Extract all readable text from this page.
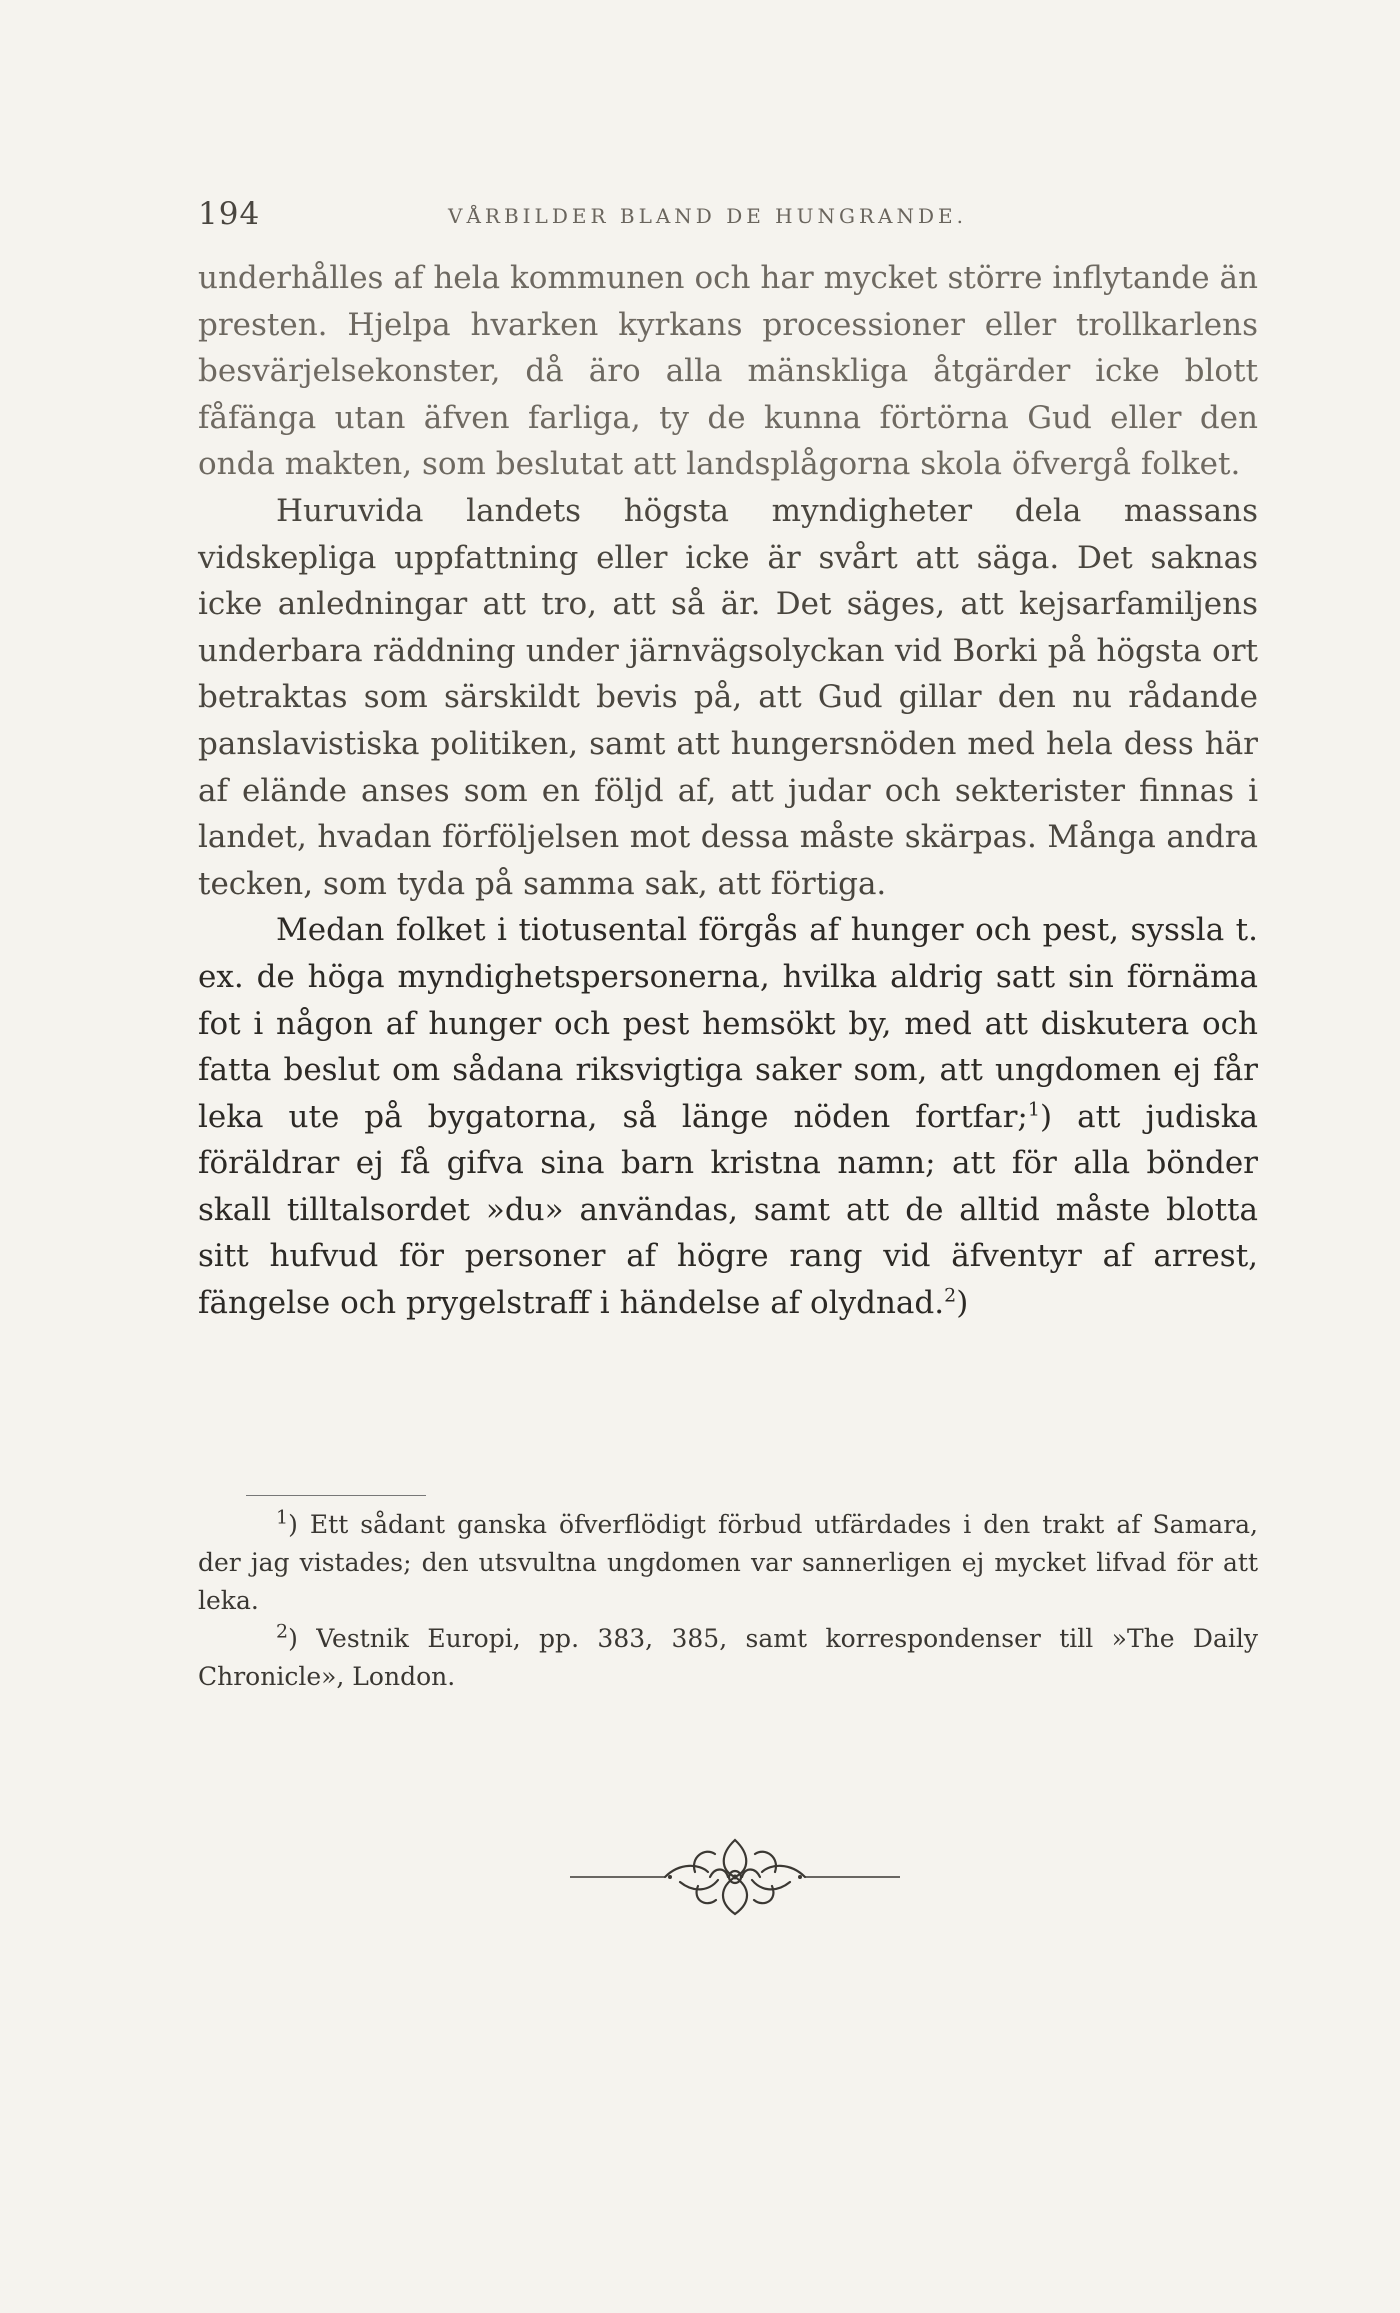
194	VÅRBILDER BLAND DE HUNGRANDE.

underhålles af hela kommunen och har mycket större inflytande än presten. Hjelpa hvarken kyrkans processioner eller trollkarlens besvärjelsekonster, då äro alla mänskliga åtgärder icke blott fåfänga utan äfven farliga, ty de kunna förtörna Gud eller den onda makten, som beslutat att landsplågorna skola öfvergå folket.

Huruvida landets högsta myndigheter dela massans vidskepliga uppfattning eller icke är svårt att säga. Det saknas icke anledningar att tro, att så är. Det säges, att kejsarfamiljens underbara räddning under järnvägsolyckan vid Borki på högsta ort betraktas som särskildt bevis på, att Gud gillar den nu rådande panslavistiska politiken, samt att hungersnöden med hela dess här af elände anses som en följd af, att judar och sekterister finnas i landet, hvadan förföljelsen mot dessa måste skärpas. Många andra tecken, som tyda på samma sak, att förtiga.

Medan folket i tiotusental förgås af hunger och pest, syssla t. ex. de höga myndighetspersonerna, hvilka aldrig satt sin förnäma fot i någon af hunger och pest hemsökt by, med att diskutera och fatta beslut om sådana riksvigtiga saker som, att ungdomen ej får leka ute på bygatorna, så länge nöden fortfar;$^1$) att judiska föräldrar ej få gifva sina barn kristna namn; att för alla bönder skall tilltalsordet »du» användas, samt att de alltid måste blotta sitt hufvud för personer af högre rang vid äfventyr af arrest, fängelse och prygelstraff i händelse af olydnad.$^2$)

$^1$) Ett sådant ganska öfverflödigt förbud utfärdades i den trakt af Samara, der jag vistades; den utsvultna ungdomen var sannerligen ej mycket lifvad för att leka.

$^2$) Vestnik Europi, pp. 383, 385, samt korrespondenser till »The Daily Chronicle», London.
